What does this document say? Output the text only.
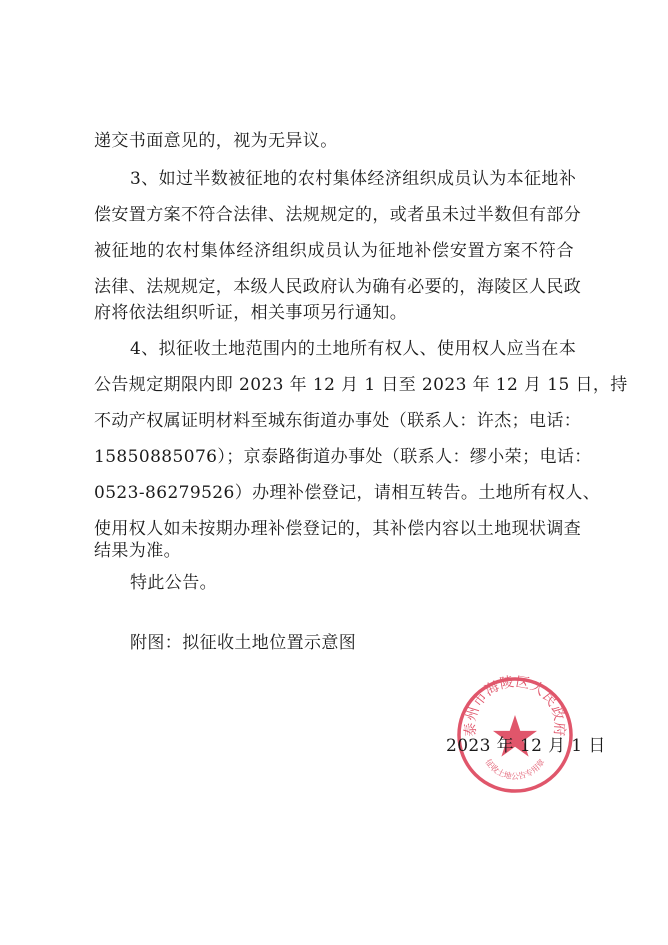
递交书面意见的，视为无异议。
3、如过半数被征地的农村集体经济组织成员认为本征地补
偿安置方案不符合法律、法规规定的，或者虽未过半数但有部分
被征地的农村集体经济组织成员认为征地补偿安置方案不符合
法律、法规规定，本级人民政府认为确有必要的，海陵区人民政
府将依法组织听证，相关事项另行通知。
4、拟征收土地范围内的土地所有权人、使用权人应当在本
公告规定期限内即 2023 年 12 月 1 日至 2023 年 12 月 15 日，持
不动产权属证明材料至城东街道办事处（联系人：许杰；电话：
15850885076）；京泰路街道办事处（联系人：缪小荣；电话：
0523-86279526）办理补偿登记，请相互转告。土地所有权人、
使用权人如未按期办理补偿登记的，其补偿内容以土地现状调查
结果为准。
特此公告。
附图：拟征收土地位置示意图
泰州市海陵区人民政府
征收土地公告专用章
2023 年 12 月 1 日
